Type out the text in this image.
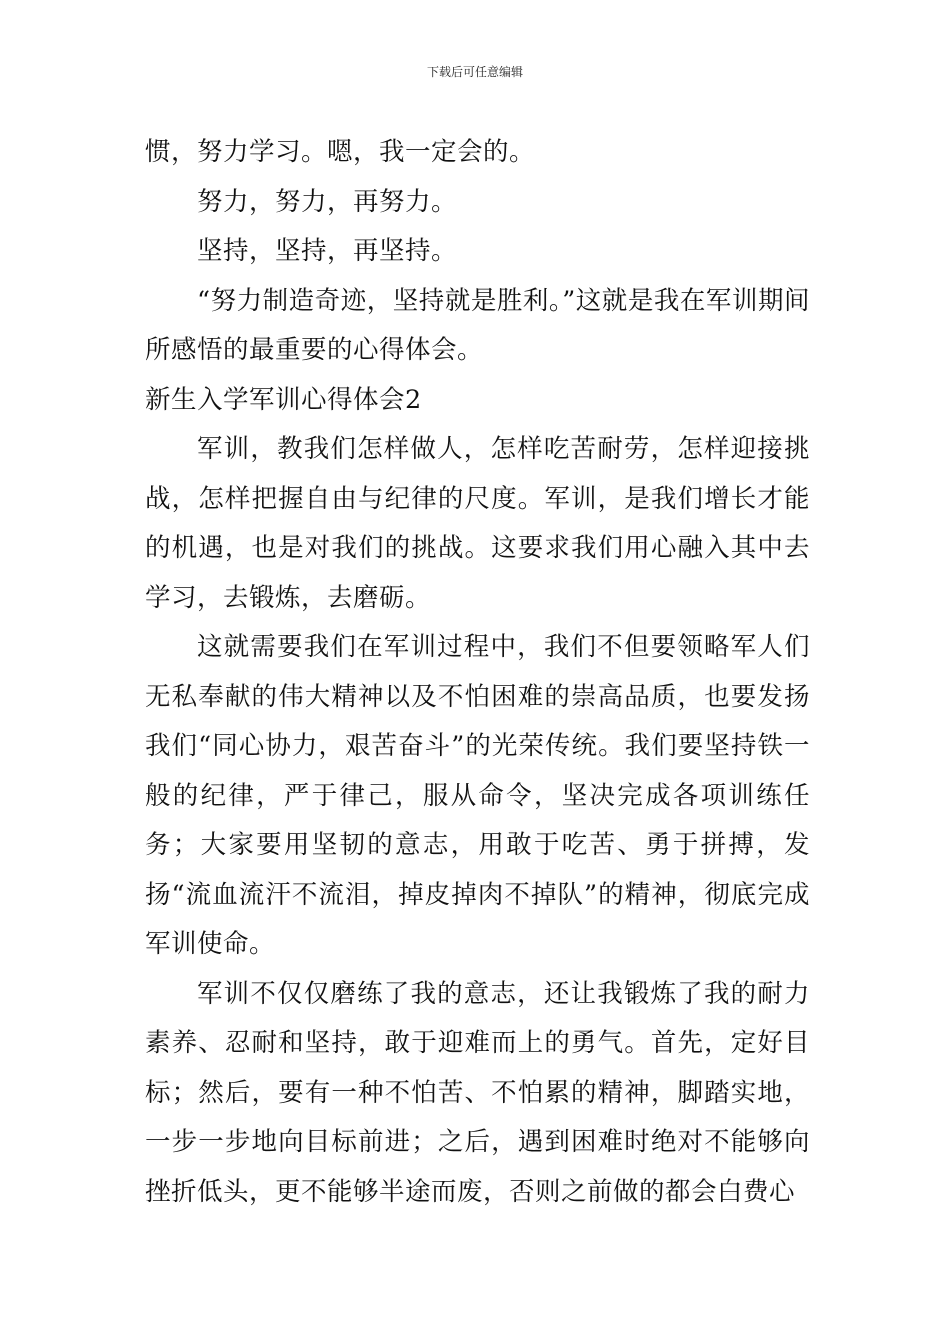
下载后可任意编辑

惯，努力学习。嗯，我一定会的。

努力，努力，再努力。

坚持，坚持，再坚持。

“努力制造奇迹，坚持就是胜利。”这就是我在军训期间所感悟的最重要的心得体会。

新生入学军训心得体会2

军训，教我们怎样做人，怎样吃苦耐劳，怎样迎接挑战，怎样把握自由与纪律的尺度。军训，是我们增长才能的机遇，也是对我们的挑战。这要求我们用心融入其中去学习，去锻炼，去磨砺。

这就需要我们在军训过程中，我们不但要领略军人们无私奉献的伟大精神以及不怕困难的崇高品质，也要发扬我们“同心协力，艰苦奋斗”的光荣传统。我们要坚持铁一般的纪律，严于律己，服从命令，坚决完成各项训练任务；大家要用坚韧的意志，用敢于吃苦、勇于拼搏，发扬“流血流汗不流泪，掉皮掉肉不掉队”的精神，彻底完成军训使命。

军训不仅仅磨练了我的意志，还让我锻炼了我的耐力素养、忍耐和坚持，敢于迎难而上的勇气。首先，定好目标；然后，要有一种不怕苦、不怕累的精神，脚踏实地，一步一步地向目标前进；之后，遇到困难时绝对不能够向挫折低头，更不能够半途而废，否则之前做的都会白费心
